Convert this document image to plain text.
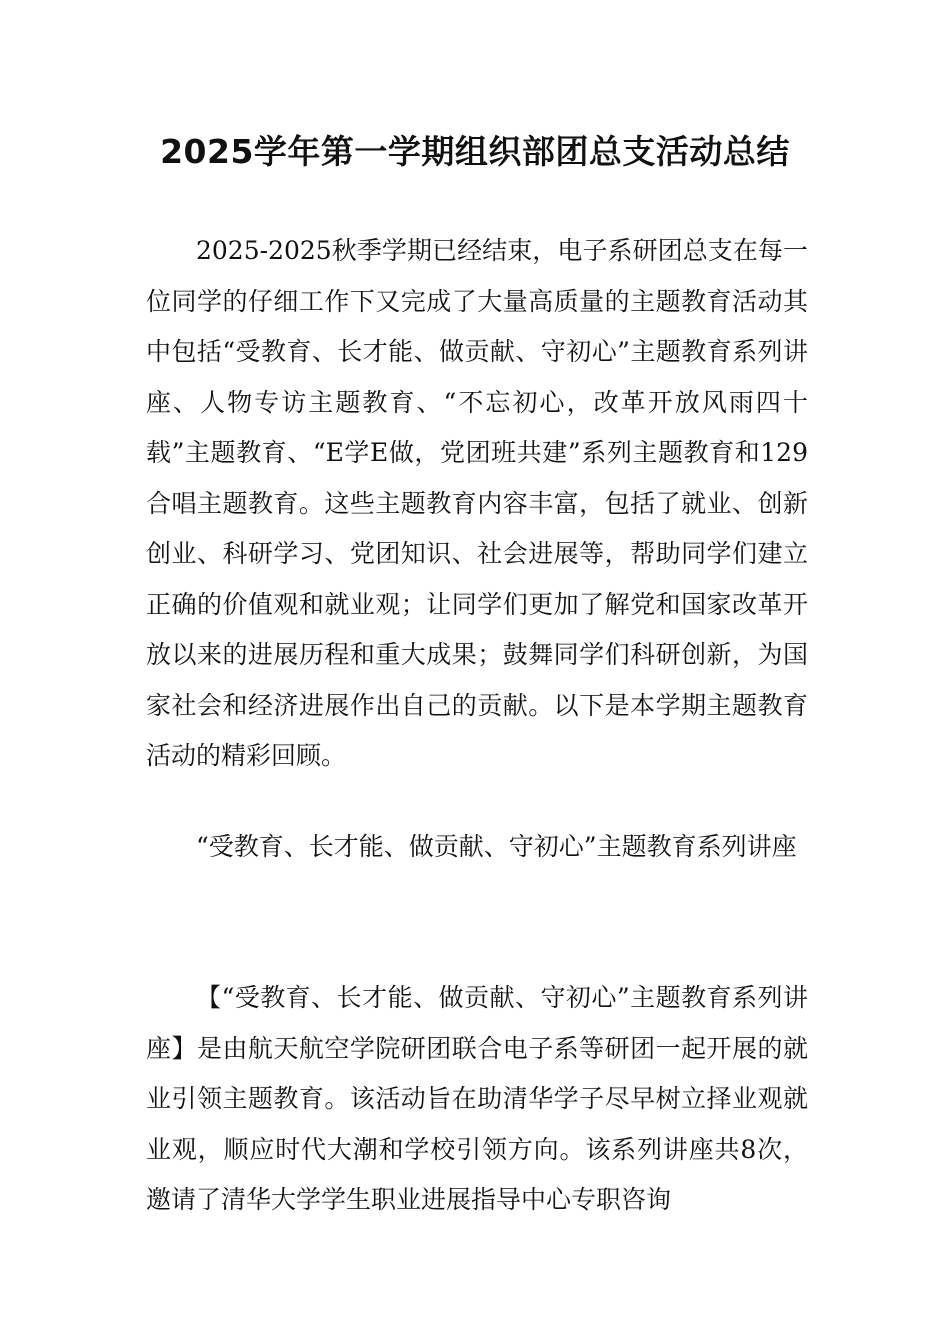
2025学年第一学期组织部团总支活动总结

2025-2025秋季学期已经结束，电子系研团总支在每一位同学的仔细工作下又完成了大量高质量的主题教育活动其中包括“受教育、长才能、做贡献、守初心”主题教育系列讲座、人物专访主题教育、“不忘初心，改革开放风雨四十载”主题教育、“E学E做，党团班共建”系列主题教育和129合唱主题教育。这些主题教育内容丰富，包括了就业、创新创业、科研学习、党团知识、社会进展等，帮助同学们建立正确的价值观和就业观；让同学们更加了解党和国家改革开放以来的进展历程和重大成果；鼓舞同学们科研创新，为国家社会和经济进展作出自己的贡献。以下是本学期主题教育活动的精彩回顾。

“受教育、长才能、做贡献、守初心”主题教育系列讲座

【“受教育、长才能、做贡献、守初心”主题教育系列讲座】是由航天航空学院研团联合电子系等研团一起开展的就业引领主题教育。该活动旨在助清华学子尽早树立择业观就业观，顺应时代大潮和学校引领方向。该系列讲座共8次，邀请了清华大学学生职业进展指导中心专职咨询
